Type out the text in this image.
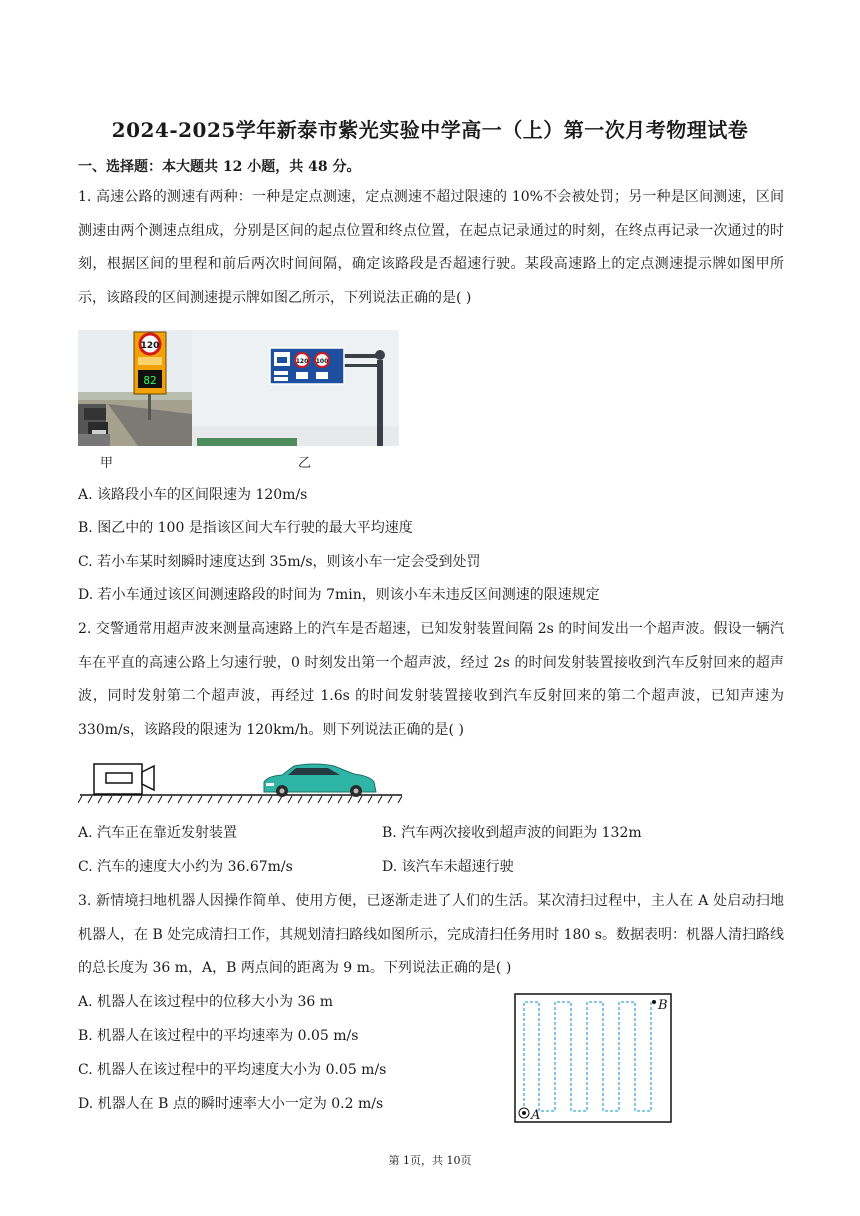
2024-2025学年新泰市紫光实验中学高一（上）第一次月考物理试卷

一、选择题：本大题共 12 小题，共 48 分。

1. 高速公路的测速有两种：一种是定点测速，定点测速不超过限速的 10%不会被处罚；另一种是区间测速，区间测速由两个测速点组成，分别是区间的起点位置和终点位置，在起点记录通过的时刻，在终点再记录一次通过的时刻，根据区间的里程和前后两次时间间隔，确定该路段是否超速行驶。某段高速路上的定点测速提示牌如图甲所示，该路段的区间测速提示牌如图乙所示，下列说法正确的是( )

120
82
120 100
甲	乙

A. 该路段小车的区间限速为 120m/s

B. 图乙中的 100 是指该区间大车行驶的最大平均速度

C. 若小车某时刻瞬时速度达到 35m/s，则该小车一定会受到处罚

D. 若小车通过该区间测速路段的时间为 7min，则该小车未违反区间测速的限速规定

2. 交警通常用超声波来测量高速路上的汽车是否超速，已知发射装置间隔 2s 的时间发出一个超声波。假设一辆汽车在平直的高速公路上匀速行驶，0 时刻发出第一个超声波，经过 2s 的时间发射装置接收到汽车反射回来的超声波，同时发射第二个超声波，再经过 1.6s 的时间发射装置接收到汽车反射回来的第二个超声波，已知声速为 330m/s，该路段的限速为 120km/h。则下列说法正确的是( )

A. 汽车正在靠近发射装置	B. 汽车两次接收到超声波的间距为 132m

C. 汽车的速度大小约为 36.67m/s	D. 该汽车未超速行驶

3. 新情境扫地机器人因操作简单、使用方便，已逐渐走进了人们的生活。某次清扫过程中，主人在 A 处启动扫地机器人，在 B 处完成清扫工作，其规划清扫路线如图所示，完成清扫任务用时 180 s。数据表明：机器人清扫路线的总长度为 36 m，A，B 两点间的距离为 9 m。下列说法正确的是( )

A. 机器人在该过程中的位移大小为 36 m

B. 机器人在该过程中的平均速率为 0.05 m/s

C. 机器人在该过程中的平均速度大小为 0.05 m/s

D. 机器人在 B 点的瞬时速率大小一定为 0.2 m/s

B
A

第 1页，共 10页
